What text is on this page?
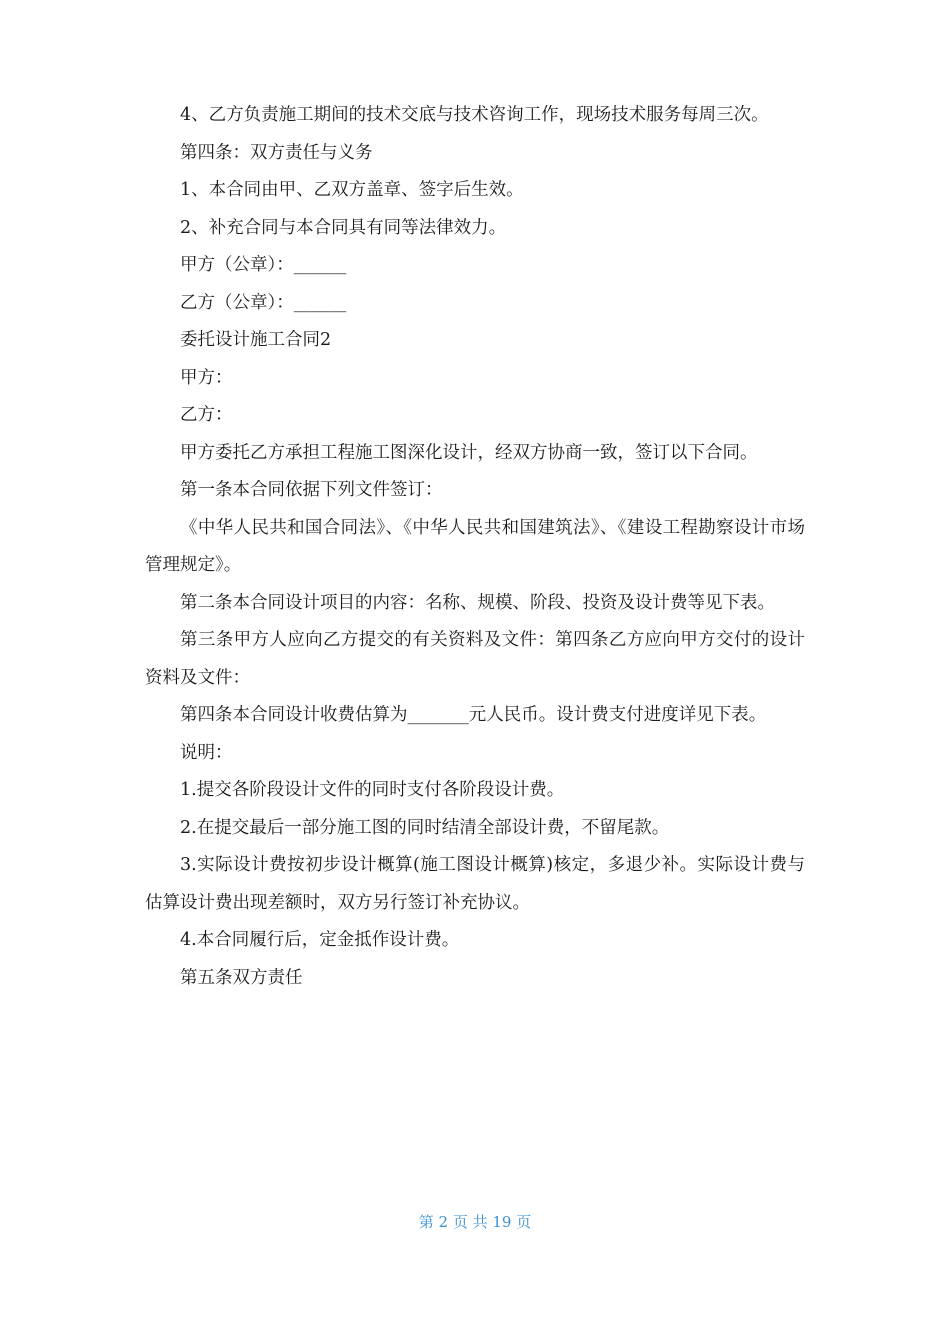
4、乙方负责施工期间的技术交底与技术咨询工作，现场技术服务每周三次。

第四条：双方责任与义务

1、本合同由甲、乙双方盖章、签字后生效。

2、补充合同与本合同具有同等法律效力。

甲方（公章）：______

乙方（公章）：______

委托设计施工合同2

甲方：

乙方：

甲方委托乙方承担工程施工图深化设计，经双方协商一致，签订以下合同。

第一条本合同依据下列文件签订：

《中华人民共和国合同法》、《中华人民共和国建筑法》、《建设工程勘察设计市场管理规定》。

第二条本合同设计项目的内容：名称、规模、阶段、投资及设计费等见下表。

第三条甲方人应向乙方提交的有关资料及文件：第四条乙方应向甲方交付的设计资料及文件：

第四条本合同设计收费估算为_______元人民币。设计费支付进度详见下表。

说明：

1.提交各阶段设计文件的同时支付各阶段设计费。

2.在提交最后一部分施工图的同时结清全部设计费，不留尾款。

3.实际设计费按初步设计概算(施工图设计概算)核定，多退少补。实际设计费与估算设计费出现差额时，双方另行签订补充协议。

4.本合同履行后，定金抵作设计费。

第五条双方责任

第 2 页 共 19 页
